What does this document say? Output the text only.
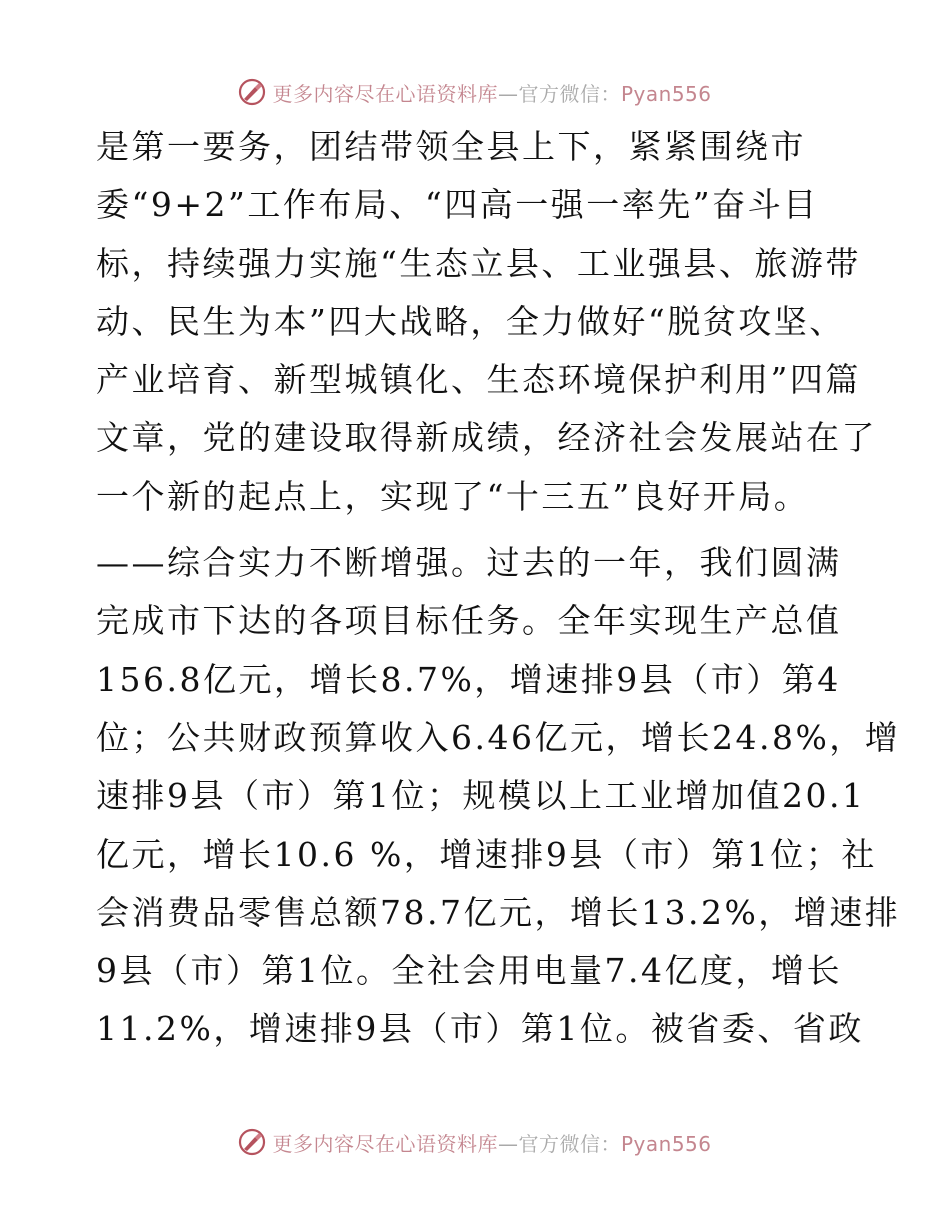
更多内容尽在心语资料库—官方微信：Pyan556

是第一要务，团结带领全县上下，紧紧围绕市
委“9+2”工作布局、“四高一强一率先”奋斗目
标，持续强力实施“生态立县、工业强县、旅游带
动、民生为本”四大战略，全力做好“脱贫攻坚、
产业培育、新型城镇化、生态环境保护利用”四篇
文章，党的建设取得新成绩，经济社会发展站在了
一个新的起点上，实现了“十三五”良好开局。

——综合实力不断增强。过去的一年，我们圆满
完成市下达的各项目标任务。全年实现生产总值
156.8亿元，增长8.7%，增速排9县（市）第4
位；公共财政预算收入6.46亿元，增长24.8%，增
速排9县（市）第1位；规模以上工业增加值20.1
亿元，增长10.6 %，增速排9县（市）第1位；社
会消费品零售总额78.7亿元，增长13.2%，增速排
9县（市）第1位。全社会用电量7.4亿度，增长
11.2%，增速排9县（市）第1位。被省委、省政

更多内容尽在心语资料库—官方微信：Pyan556
